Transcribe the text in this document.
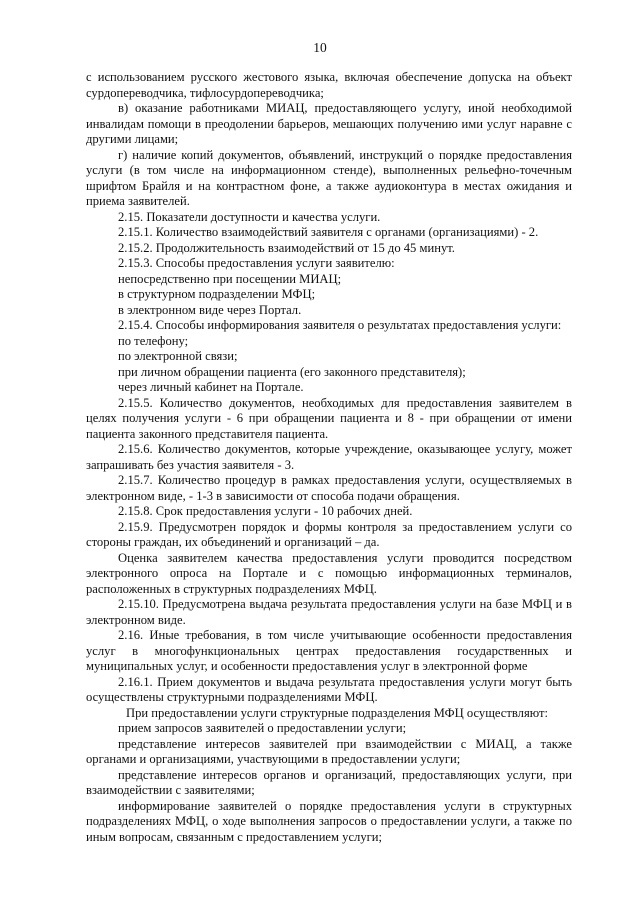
10

с использованием русского жестового языка, включая обеспечение допуска на объект сурдопереводчика, тифлосурдопереводчика;

в) оказание работниками МИАЦ, предоставляющего услугу, иной необходимой инвалидам помощи в преодолении барьеров, мешающих получению ими услуг наравне с другими лицами;

г) наличие копий документов, объявлений, инструкций о порядке предоставления услуги (в том числе на информационном стенде), выполненных рельефно-точечным шрифтом Брайля и на контрастном фоне, а также аудиоконтура в местах ожидания и приема заявителей.

2.15. Показатели доступности и качества услуги.

2.15.1. Количество взаимодействий заявителя с органами (организациями) - 2.

2.15.2. Продолжительность взаимодействий от 15 до 45 минут.

2.15.3. Способы предоставления услуги заявителю:

непосредственно при посещении МИАЦ;

в структурном подразделении МФЦ;

в электронном виде через Портал.

2.15.4. Способы информирования заявителя о результатах предоставления услуги:

по телефону;

по электронной связи;

при личном обращении пациента (его законного представителя);

через личный кабинет на Портале.

2.15.5. Количество документов, необходимых для предоставления заявителем в целях получения услуги - 6 при обращении пациента и 8 - при обращении от имени пациента законного представителя пациента.

2.15.6. Количество документов, которые учреждение, оказывающее услугу, может запрашивать без участия заявителя - 3.

2.15.7. Количество процедур в рамках предоставления услуги, осуществляемых в электронном виде, - 1-3 в зависимости от способа подачи обращения.

2.15.8. Срок предоставления услуги - 10 рабочих дней.

2.15.9. Предусмотрен порядок и формы контроля за предоставлением услуги со стороны граждан, их объединений и организаций – да.

Оценка заявителем качества предоставления услуги проводится посредством электронного опроса на Портале и с помощью информационных терминалов, расположенных в структурных подразделениях МФЦ.

2.15.10. Предусмотрена выдача результата предоставления услуги на базе МФЦ и в электронном виде.

2.16. Иные требования, в том числе учитывающие особенности предоставления услуг в многофункциональных центрах предоставления государственных и муниципальных услуг, и особенности предоставления услуг в электронной форме

2.16.1. Прием документов и выдача результата предоставления услуги могут быть осуществлены структурными подразделениями МФЦ.

При предоставлении услуги структурные подразделения МФЦ осуществляют:

прием запросов заявителей о предоставлении услуги;

представление интересов заявителей при взаимодействии с МИАЦ, а также органами и организациями, участвующими в предоставлении услуги;

представление интересов органов и организаций, предоставляющих услуги, при взаимодействии с заявителями;

информирование заявителей о порядке предоставления услуги в структурных подразделениях МФЦ, о ходе выполнения запросов о предоставлении услуги, а также по иным вопросам, связанным с предоставлением услуги;
